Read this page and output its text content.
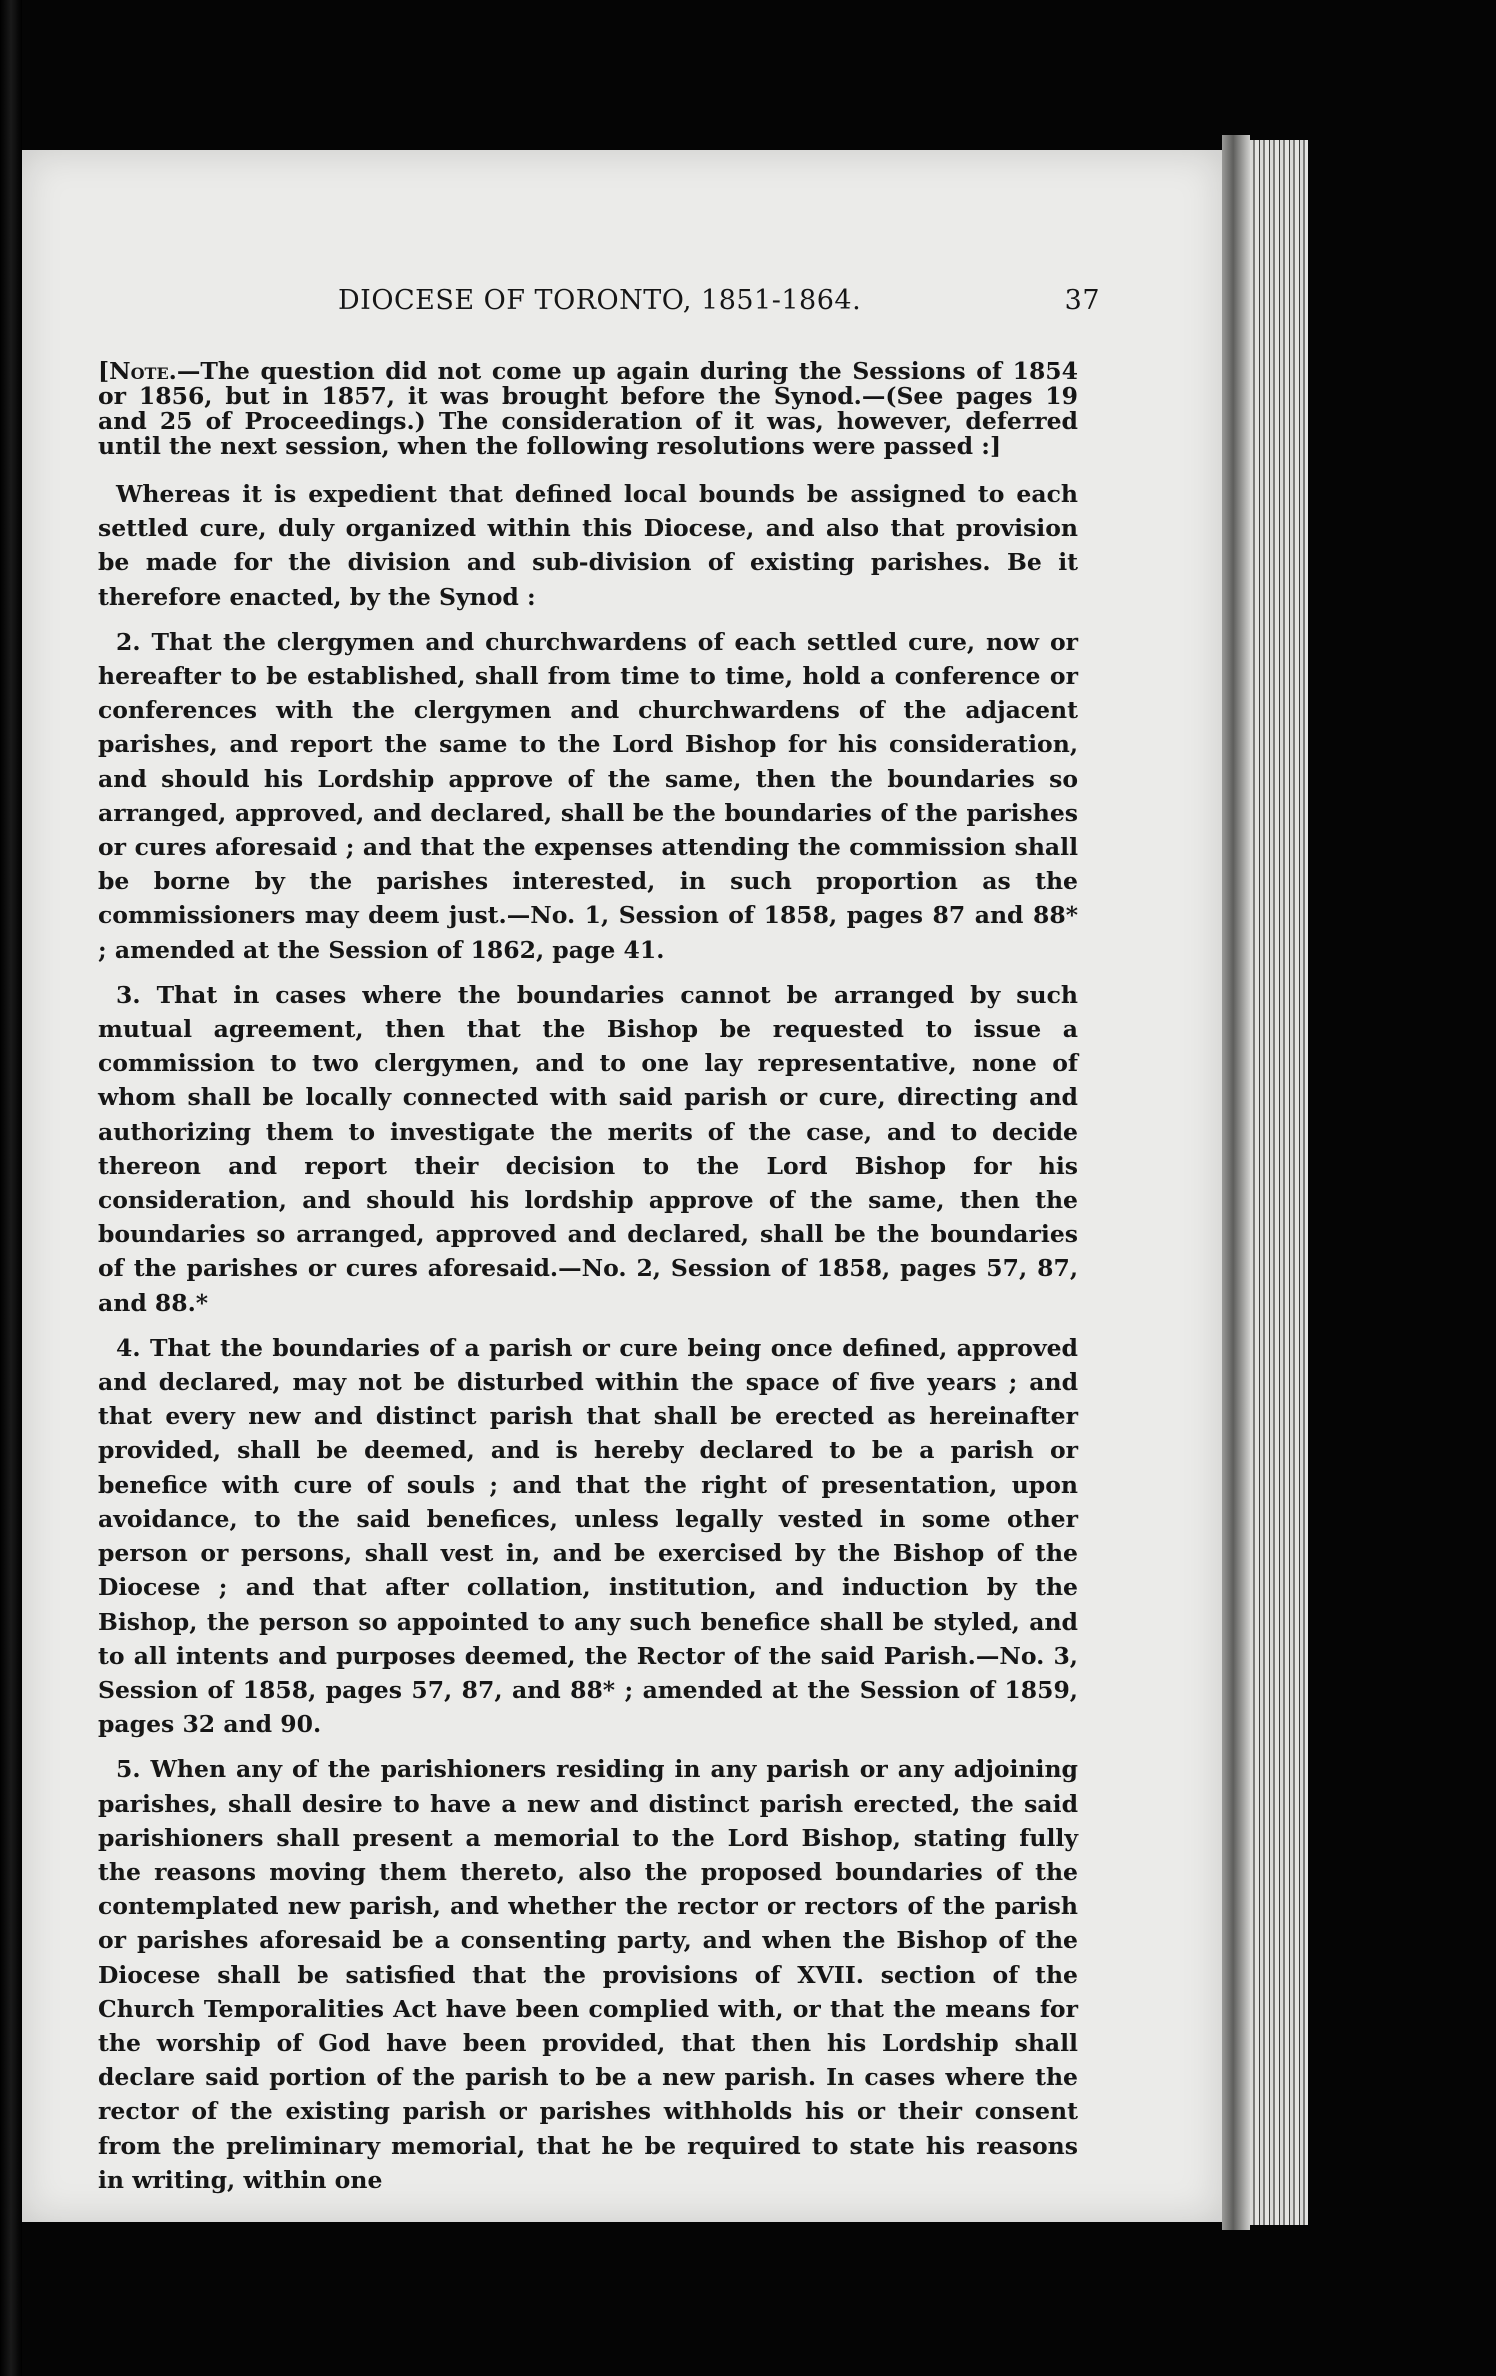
DIOCESE OF TORONTO, 1851-1864.	37

[Note.—The question did not come up again during the Sessions of 1854 or 1856, but in 1857, it was brought before the Synod.—(See pages 19 and 25 of Proceedings.) The consideration of it was, however, deferred until the next session, when the following resolutions were passed :]

Whereas it is expedient that defined local bounds be assigned to each settled cure, duly organized within this Diocese, and also that provision be made for the division and sub-division of existing parishes. Be it therefore enacted, by the Synod :

2. That the clergymen and churchwardens of each settled cure, now or hereafter to be established, shall from time to time, hold a conference or conferences with the clergymen and churchwardens of the adjacent parishes, and report the same to the Lord Bishop for his consideration, and should his Lordship approve of the same, then the boundaries so arranged, approved, and declared, shall be the boundaries of the parishes or cures aforesaid ; and that the expenses attending the commission shall be borne by the parishes interested, in such proportion as the commissioners may deem just.—No. 1, Session of 1858, pages 87 and 88* ; amended at the Session of 1862, page 41.

3. That in cases where the boundaries cannot be arranged by such mutual agreement, then that the Bishop be requested to issue a commission to two clergymen, and to one lay representative, none of whom shall be locally connected with said parish or cure, directing and authorizing them to investigate the merits of the case, and to decide thereon and report their decision to the Lord Bishop for his consideration, and should his lordship approve of the same, then the boundaries so arranged, approved and declared, shall be the boundaries of the parishes or cures aforesaid.—No. 2, Session of 1858, pages 57, 87, and 88.*

4. That the boundaries of a parish or cure being once defined, approved and declared, may not be disturbed within the space of five years ; and that every new and distinct parish that shall be erected as hereinafter provided, shall be deemed, and is hereby declared to be a parish or benefice with cure of souls ; and that the right of presentation, upon avoidance, to the said benefices, unless legally vested in some other person or persons, shall vest in, and be exercised by the Bishop of the Diocese ; and that after collation, institution, and induction by the Bishop, the person so appointed to any such benefice shall be styled, and to all intents and purposes deemed, the Rector of the said Parish.—No. 3, Session of 1858, pages 57, 87, and 88* ; amended at the Session of 1859, pages 32 and 90.

5. When any of the parishioners residing in any parish or any adjoining parishes, shall desire to have a new and distinct parish erected, the said parishioners shall present a memorial to the Lord Bishop, stating fully the reasons moving them thereto, also the proposed boundaries of the contemplated new parish, and whether the rector or rectors of the parish or parishes aforesaid be a consenting party, and when the Bishop of the Diocese shall be satisfied that the provisions of XVII. section of the Church Temporalities Act have been complied with, or that the means for the worship of God have been provided, that then his Lordship shall declare said portion of the parish to be a new parish. In cases where the rector of the existing parish or parishes withholds his or their consent from the preliminary memorial, that he be required to state his reasons in writing, within one
